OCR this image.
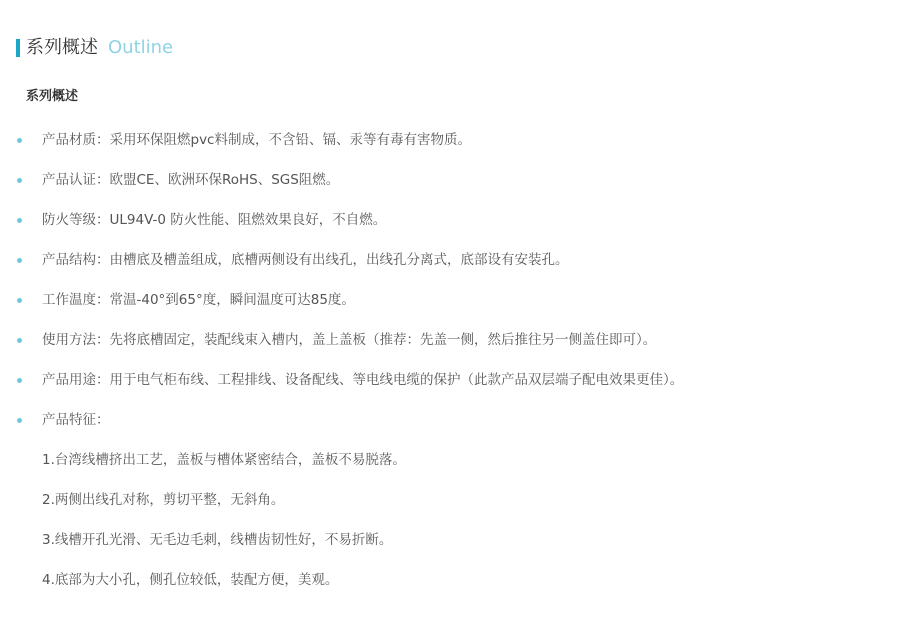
系列概述 Outline
系列概述
产品材质：采用环保阻燃pvc料制成，不含铅、镉、汞等有毒有害物质。
产品认证：欧盟CE、欧洲环保RoHS、SGS阻燃。
防火等级：UL94V-0 防火性能、阻燃效果良好，不自燃。
产品结构：由槽底及槽盖组成，底槽两侧设有出线孔，出线孔分离式，底部设有安装孔。
工作温度：常温-40°到65°度，瞬间温度可达85度。
使用方法：先将底槽固定，装配线束入槽内，盖上盖板（推荐：先盖一侧，然后推往另一侧盖住即可）。
产品用途：用于电气柜布线、工程排线、设备配线、等电线电缆的保护（此款产品双层端子配电效果更佳）。
产品特征：
1.台湾线槽挤出工艺，盖板与槽体紧密结合，盖板不易脱落。
2.两侧出线孔对称，剪切平整，无斜角。
3.线槽开孔光滑、无毛边毛刺，线槽齿韧性好，不易折断。
4.底部为大小孔，侧孔位较低，装配方便，美观。
